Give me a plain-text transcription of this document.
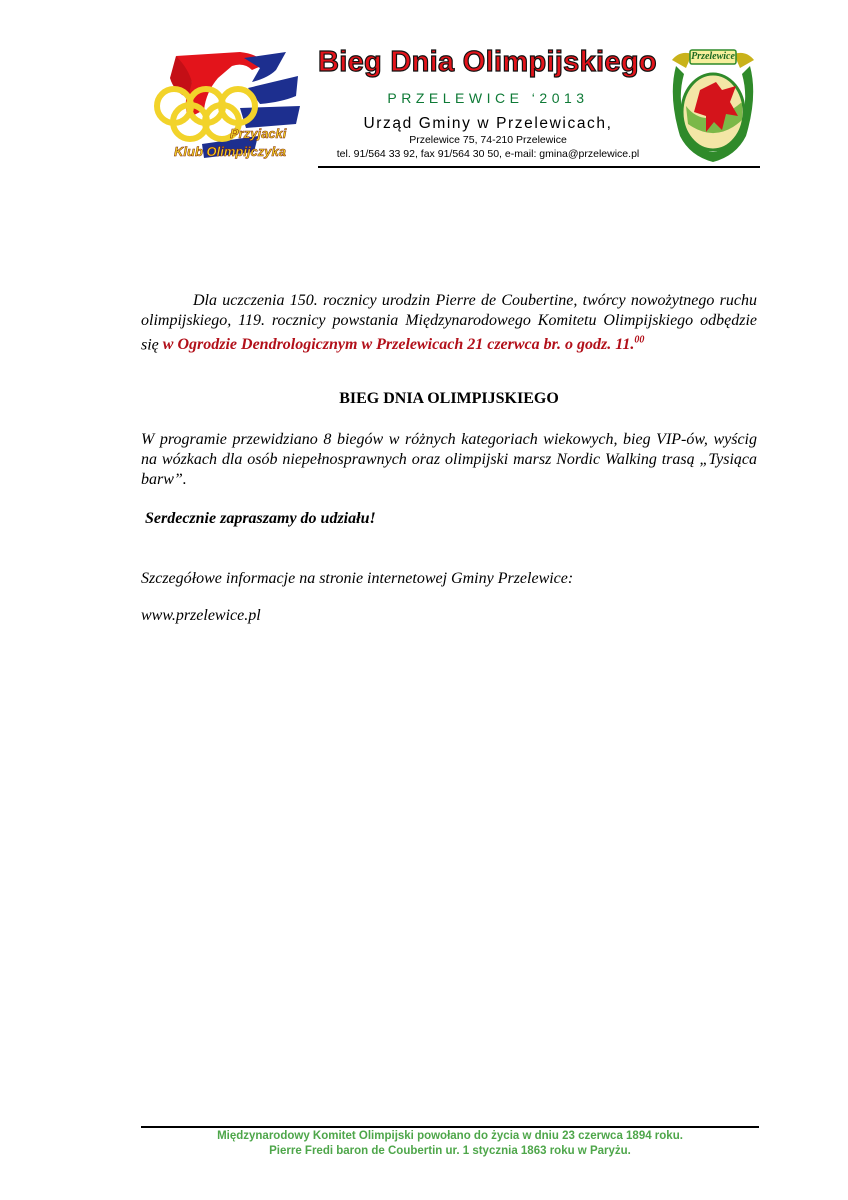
Przyjacki
Klub Olimpijczyka
Bieg Dnia Olimpijskiego
PRZELEWICE ‘2013
Urząd Gminy w Przelewicach,
Przelewice 75, 74-210 Przelewice
tel. 91/564 33 92, fax 91/564 30 50, e-mail: gmina@przelewice.pl
Przelewice
Dla uczczenia 150. rocznicy urodzin Pierre de Coubertine, twórcy nowożytnego ruchu olimpijskiego, 119. rocznicy powstania Międzynarodowego Komitetu Olimpijskiego odbędzie się w Ogrodzie Dendrologicznym w Przelewicach 21 czerwca br. o godz. 11.00
BIEG DNIA OLIMPIJSKIEGO
W programie przewidziano 8 biegów w różnych kategoriach wiekowych, bieg VIP-ów, wyścig na wózkach dla osób niepełnosprawnych oraz olimpijski marsz Nordic Walking trasą „Tysiąca barw”.
Serdecznie zapraszamy do udziału!
Szczegółowe informacje na stronie internetowej Gminy Przelewice:
www.przelewice.pl
Międzynarodowy Komitet Olimpijski powołano do życia w dniu 23 czerwca 1894 roku.
Pierre Fredi baron de Coubertin ur. 1 stycznia 1863 roku w Paryżu.
